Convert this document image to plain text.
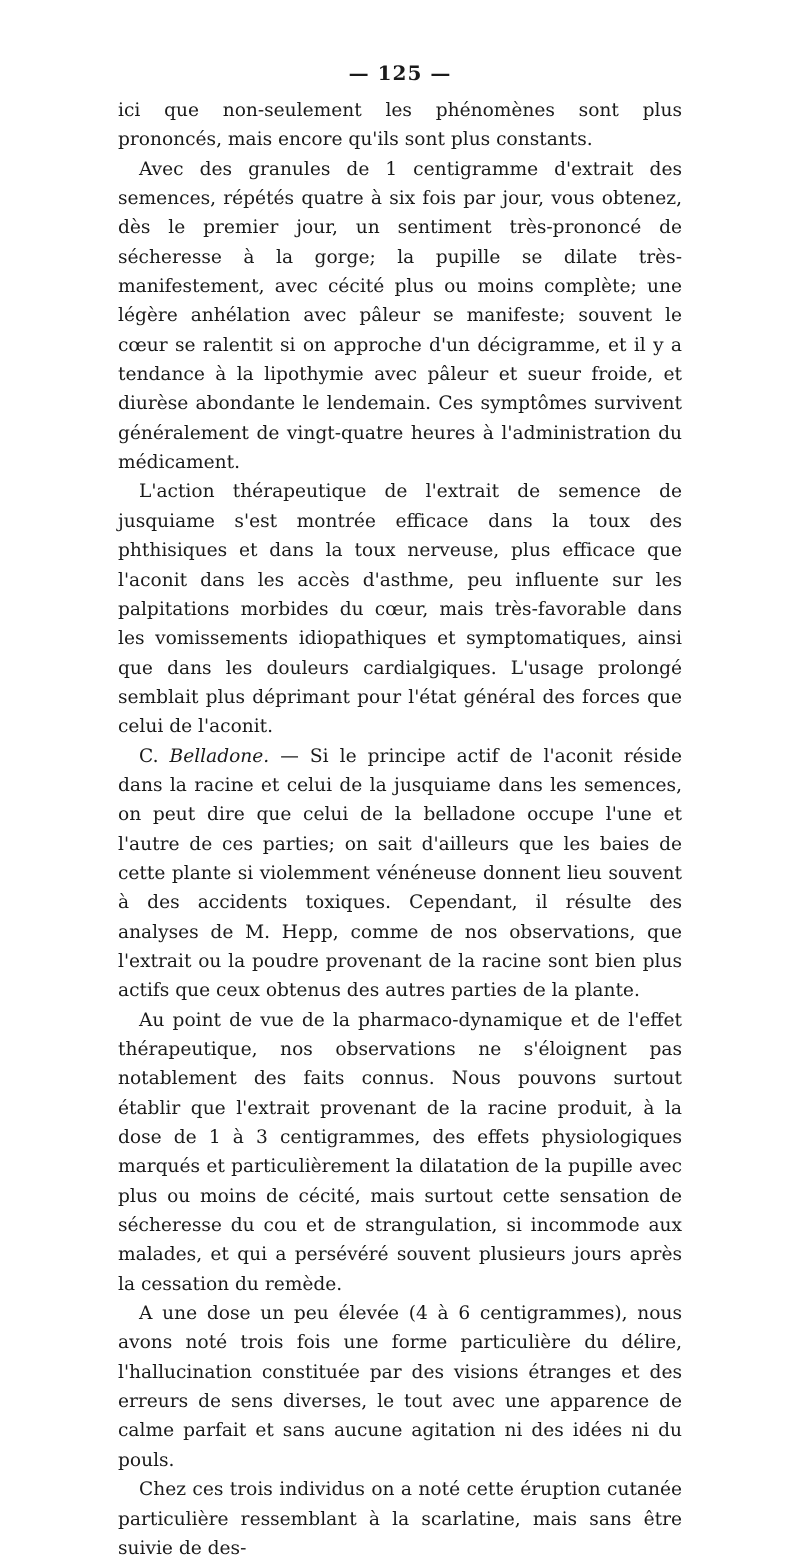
— 125 —

ici que non-seulement les phénomènes sont plus prononcés, mais encore qu'ils sont plus constants.

Avec des granules de 1 centigramme d'extrait des semences, répétés quatre à six fois par jour, vous obtenez, dès le premier jour, un sentiment très-prononcé de sécheresse à la gorge; la pupille se dilate très-manifestement, avec cécité plus ou moins complète; une légère anhélation avec pâleur se manifeste; souvent le cœur se ralentit si on approche d'un décigramme, et il y a tendance à la lipothymie avec pâleur et sueur froide, et diurèse abondante le lendemain. Ces symptômes survivent généralement de vingt-quatre heures à l'administration du médicament.

L'action thérapeutique de l'extrait de semence de jusquiame s'est montrée efficace dans la toux des phthisiques et dans la toux nerveuse, plus efficace que l'aconit dans les accès d'asthme, peu influente sur les palpitations morbides du cœur, mais très-favorable dans les vomissements idiopathiques et symptomatiques, ainsi que dans les douleurs cardialgiques. L'usage prolongé semblait plus déprimant pour l'état général des forces que celui de l'aconit.

C. Belladone. — Si le principe actif de l'aconit réside dans la racine et celui de la jusquiame dans les semences, on peut dire que celui de la belladone occupe l'une et l'autre de ces parties; on sait d'ailleurs que les baies de cette plante si violemment vénéneuse donnent lieu souvent à des accidents toxiques. Cependant, il résulte des analyses de M. Hepp, comme de nos observations, que l'extrait ou la poudre provenant de la racine sont bien plus actifs que ceux obtenus des autres parties de la plante.

Au point de vue de la pharmaco-dynamique et de l'effet thérapeutique, nos observations ne s'éloignent pas notablement des faits connus. Nous pouvons surtout établir que l'extrait provenant de la racine produit, à la dose de 1 à 3 centigrammes, des effets physiologiques marqués et particulièrement la dilatation de la pupille avec plus ou moins de cécité, mais surtout cette sensation de sécheresse du cou et de strangulation, si incommode aux malades, et qui a persévéré souvent plusieurs jours après la cessation du remède.

A une dose un peu élevée (4 à 6 centigrammes), nous avons noté trois fois une forme particulière du délire, l'hallucination constituée par des visions étranges et des erreurs de sens diverses, le tout avec une apparence de calme parfait et sans aucune agitation ni des idées ni du pouls.

Chez ces trois individus on a noté cette éruption cutanée particulière ressemblant à la scarlatine, mais sans être suivie de des-
